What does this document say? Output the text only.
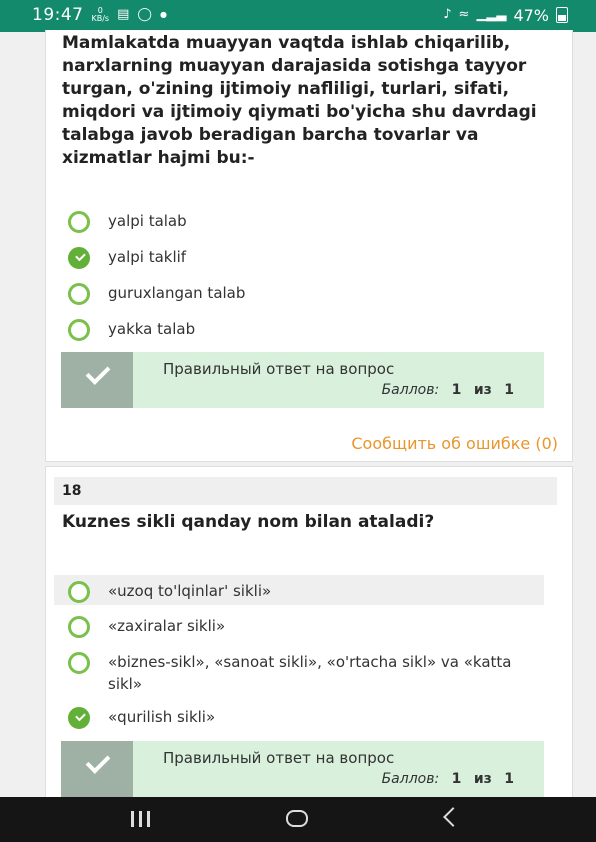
19:47	0
KB/s ▤ ◯ ●	♪ ≈ ▁▂▃ 47%
Mamlakatda muayyan vaqtda ishlab chiqarilib, narxlarning muayyan darajasida sotishga tayyor turgan, o'zining ijtimoiy nafliligi, turlari, sifati, miqdori va ijtimoiy qiymati bo'yicha shu davrdagi talabga javob beradigan barcha tovarlar va xizmatlar hajmi bu:-
yalpi talab
yalpi taklif
guruxlangan talab
yakka talab
Правильный ответ на вопрос
Баллов: 1 из 1
Сообщить об ошибке (0)
18
Kuznes sikli qanday nom bilan ataladi?
«uzoq to'lqinlar' sikli»
«zaxiralar sikli»
«biznes-sikl», «sanoat sikli», «o'rtacha sikl» va «katta sikl»
«qurilish sikli»
Правильный ответ на вопрос
Баллов: 1 из 1
